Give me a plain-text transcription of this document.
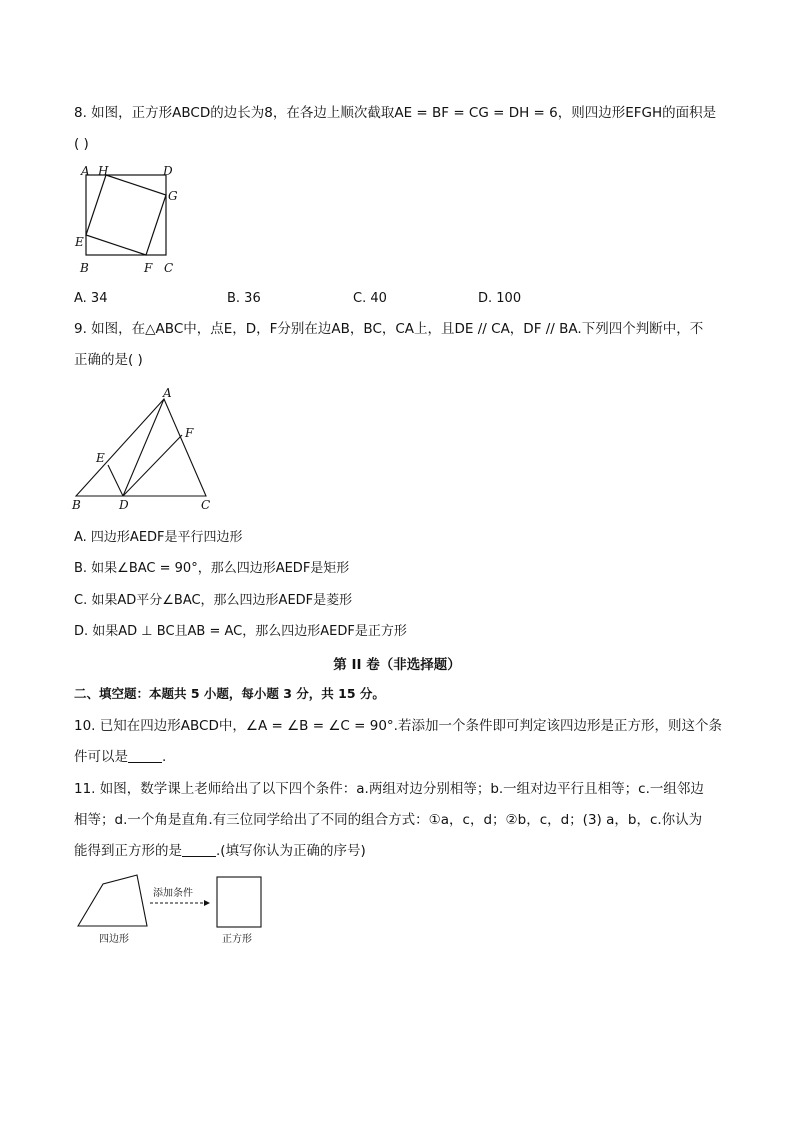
8. 如图，正方形ABCD的边长为8，在各边上顺次截取AE = BF = CG = DH = 6，则四边形EFGH的面积是
( )
A H	D
G
E
B	F C
A. 34	B. 36	C. 40	D. 100
9. 如图，在△ABC中，点E，D，F分别在边AB，BC，CA上，且DE // CA，DF // BA.下列四个判断中，不
正确的是( )
A
E
F
B	D	C
A. 四边形AEDF是平行四边形
B. 如果∠BAC = 90°，那么四边形AEDF是矩形
C. 如果AD平分∠BAC，那么四边形AEDF是菱形
D. 如果AD ⊥ BC且AB = AC，那么四边形AEDF是正方形
第 II 卷（非选择题）
二、填空题：本题共 5 小题，每小题 3 分，共 15 分。
10. 已知在四边形ABCD中，∠A = ∠B = ∠C = 90°.若添加一个条件即可判定该四边形是正方形，则这个条
件可以是	.
11. 如图，数学课上老师给出了以下四个条件：a.两组对边分别相等；b.一组对边平行且相等；c.一组邻边
相等；d.一个角是直角.有三位同学给出了不同的组合方式：①a，c，d；②b，c，d；(3) a，b，c.你认为
能得到正方形的是	.(填写你认为正确的序号)
添加条件
四边形	正方形
